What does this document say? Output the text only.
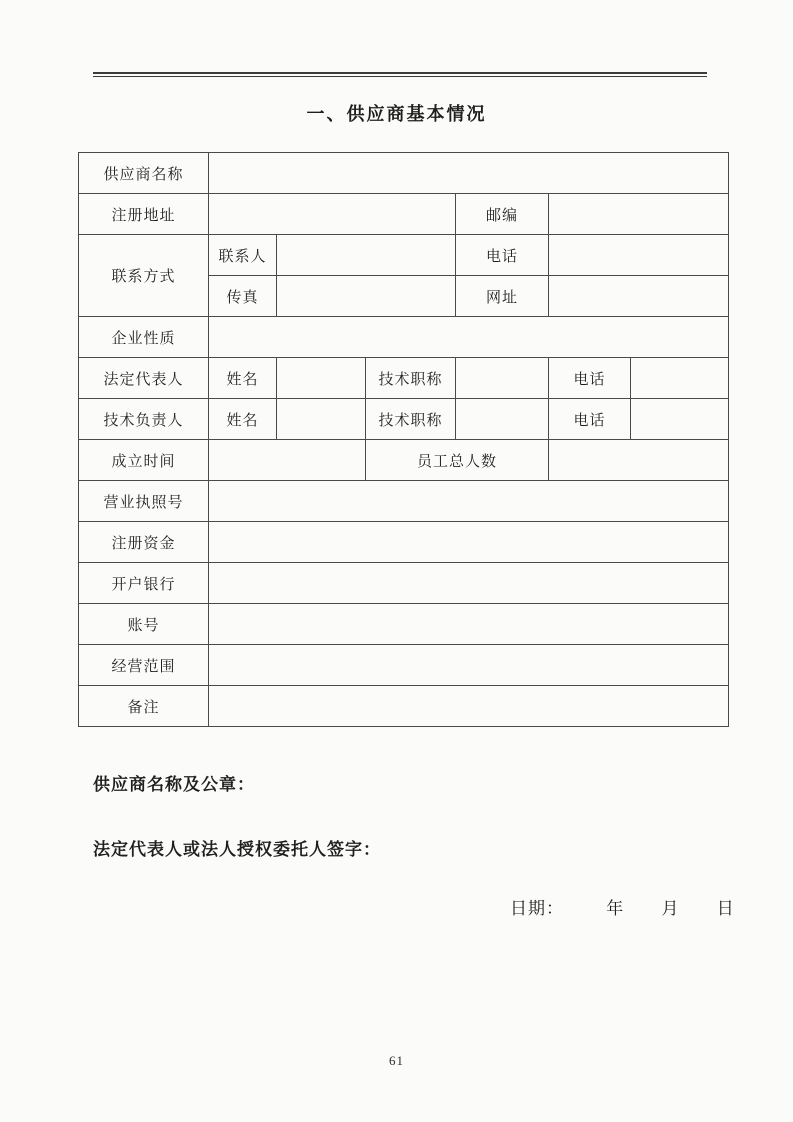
一、供应商基本情况
供应商名称						
注册地址				邮编		
联系方式	联系人			电话		
	传真			网址		
企业性质						
法定代表人	姓名		技术职称		电话	
技术负责人	姓名		技术职称		电话	
成立时间			员工总人数			
营业执照号						
注册资金						
开户银行						
账号						
经营范围						
备注						
供应商名称及公章：
法定代表人或法人授权委托人签字：
日期： 年 月 日
61
